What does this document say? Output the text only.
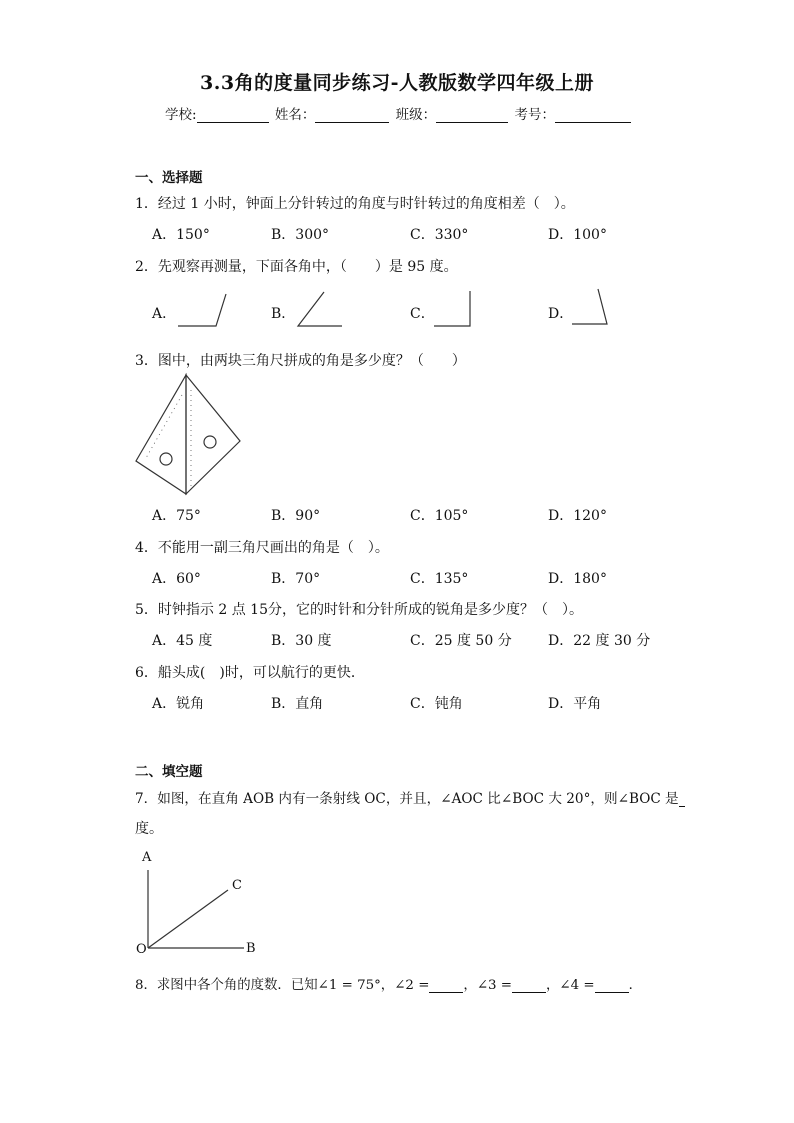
3.3角的度量同步练习-人教版数学四年级上册
学校:	姓名：	班级：	考号：
一、选择题
1．经过 1 小时，钟面上分针转过的角度与时针转过的角度相差（　）。
A．150°	B．300°	C．330°	D．100°
2．先观察再测量，下面各角中，（　　）是 95 度。
A．	B．	C．	D．
3．图中，由两块三角尺拼成的角是多少度？（　　）
A．75°	B．90°	C．105°	D．120°
4．不能用一副三角尺画出的角是（　）。
A．60°	B．70°	C．135°	D．180°
5．时钟指示 2 点 15分，它的时针和分针所成的锐角是多少度？（　）。
A．45 度	B．30 度	C．25 度 50 分	D．22 度 30 分
6．船头成(　)时，可以航行的更快．
A．锐角	B．直角	C．钝角	D．平角
二、填空题
7．如图，在直角 AOB 内有一条射线 OC，并且，∠AOC 比∠BOC 大 20°，则∠BOC 是
度。
A
C
O	B
8．求图中各个角的度数．已知∠1 = 75°，∠2 =	，∠3 =	，∠4 =	．
